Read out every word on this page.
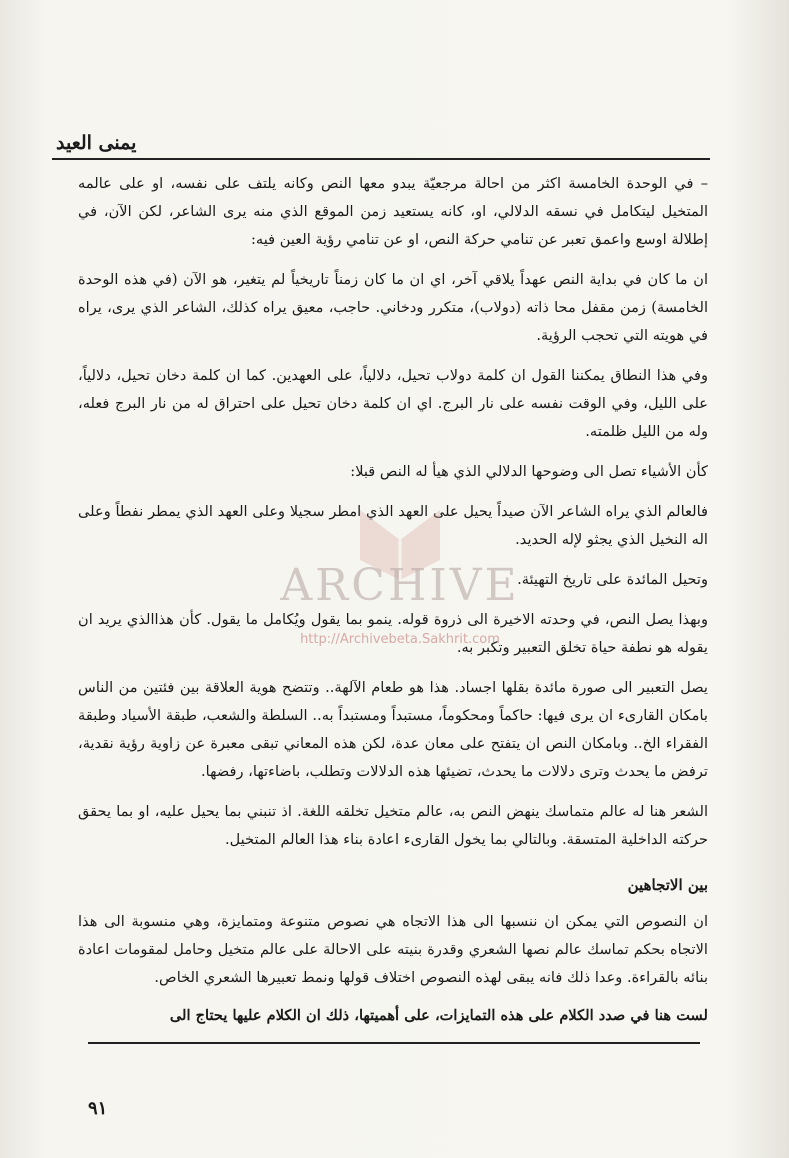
يمنى العيد

– في الوحدة الخامسة اكثر من احالة مرجعيّة يبدو معها النص وكانه يلتف على نفسه، او على عالمه المتخيل ليتكامل في نسقه الدلالي، او، كانه يستعيد زمن الموقع الذي منه يرى الشاعر، لكن الآن، في إطلالة اوسع واعمق تعبر عن تنامي حركة النص، او عن تنامي رؤية العين فيه:

ان ما كان في بداية النص عهداً يلاقي آخر، اي ان ما كان زمناً تاريخياً لم يتغير، هو الآن (في هذه الوحدة الخامسة) زمن مقفل محا ذاته (دولاب)، متكرر ودخاني. حاجب، معيق يراه كذلك، الشاعر الذي يرى، يراه في هويته التي تحجب الرؤية.

وفي هذا النطاق يمكننا القول ان كلمة دولاب تحيل، دلالياً، على العهدين. كما ان كلمة دخان تحيل، دلالياً، على الليل، وفي الوقت نفسه على نار البرج. اي ان كلمة دخان تحيل على احتراق له من نار البرج فعله، وله من الليل ظلمته.

كأن الأشياء تصل الى وضوحها الدلالي الذي هيأ له النص قبلا:

فالعالم الذي يراه الشاعر الآن صيداً يحيل على العهد الذي امطر سجيلا وعلى العهد الذي يمطر نفطاً وعلى اله النخيل الذي يجثو لإله الحديد.

وتحيل المائدة على تاريخ التهيئة.

وبهذا يصل النص، في وحدته الاخيرة الى ذروة قوله. ينمو بما يقول ويُكامل ما يقول. كأن هذاالذي يريد ان يقوله هو نطفة حياة تخلق التعبير وتكبر به.

يصل التعبير الى صورة مائدة بقلها اجساد. هذا هو طعام الآلهة.. وتتضح هوية العلاقة بين فئتين من الناس بامكان القارىء ان يرى فيها: حاكماً ومحكوماً، مستبداً ومستبداً به.. السلطة والشعب، طبقة الأسياد وطبقة الفقراء الخ.. وبامكان النص ان يتفتح على معان عدة، لكن هذه المعاني تبقى معبرة عن زاوية رؤية نقدية، ترفض ما يحدث وترى دلالات ما يحدث، تضيئها هذه الدلالات وتطلب، باضاءتها، رفضها.

الشعر هنا له عالم متماسك ينهض النص به، عالم متخيل تخلقه اللغة. اذ تنبني بما يحيل عليه، او بما يحقق حركته الداخلية المتسقة. وبالتالي بما يخول القارىء اعادة بناء هذا العالم المتخيل.

بين الاتجاهين

ان النصوص التي يمكن ان ننسبها الى هذا الاتجاه هي نصوص متنوعة ومتمايزة، وهي منسوبة الى هذا الاتجاه بحكم تماسك عالم نصها الشعري وقدرة بنيته على الاحالة على عالم متخيل وحامل لمقومات اعادة بنائه بالقراءة. وعدا ذلك فانه يبقى لهذه النصوص اختلاف قولها ونمط تعبيرها الشعري الخاص.

لست هنا في صدد الكلام على هذه التمايزات، على أهميتها، ذلك ان الكلام عليها يحتاج الى

٩١
ARCHIVE
http://Archivebeta.Sakhrit.com
